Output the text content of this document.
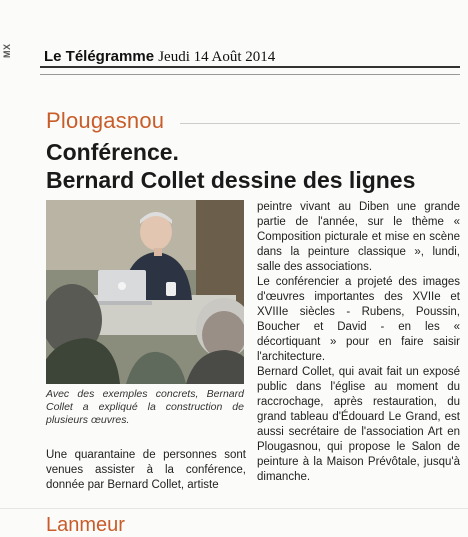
MX Le Télégramme Jeudi 14 Août 2014
Plougasnou
Conférence.
Bernard Collet dessine des lignes
Avec des exemples concrets, Bernard Collet a expliqué la construction de plusieurs œuvres.

Une quarantaine de personnes sont venues assister à la conférence, donnée par Bernard Collet, artiste

peintre vivant au Diben une grande partie de l'année, sur le thème « Composition picturale et mise en scène dans la peinture classique », lundi, salle des associations.

Le conférencier a projeté des images d'œuvres importantes des XVIIe et XVIIIe siècles - Rubens, Poussin, Boucher et David - en les « décortiquant » pour en faire saisir l'architecture.

Bernard Collet, qui avait fait un exposé public dans l'église au moment du raccrochage, après restauration, du grand tableau d'Édouard Le Grand, est aussi secrétaire de l'association Art en Plougasnou, qui propose le Salon de peinture à la Maison Prévôtale, jusqu'à dimanche.

Lanmeur
